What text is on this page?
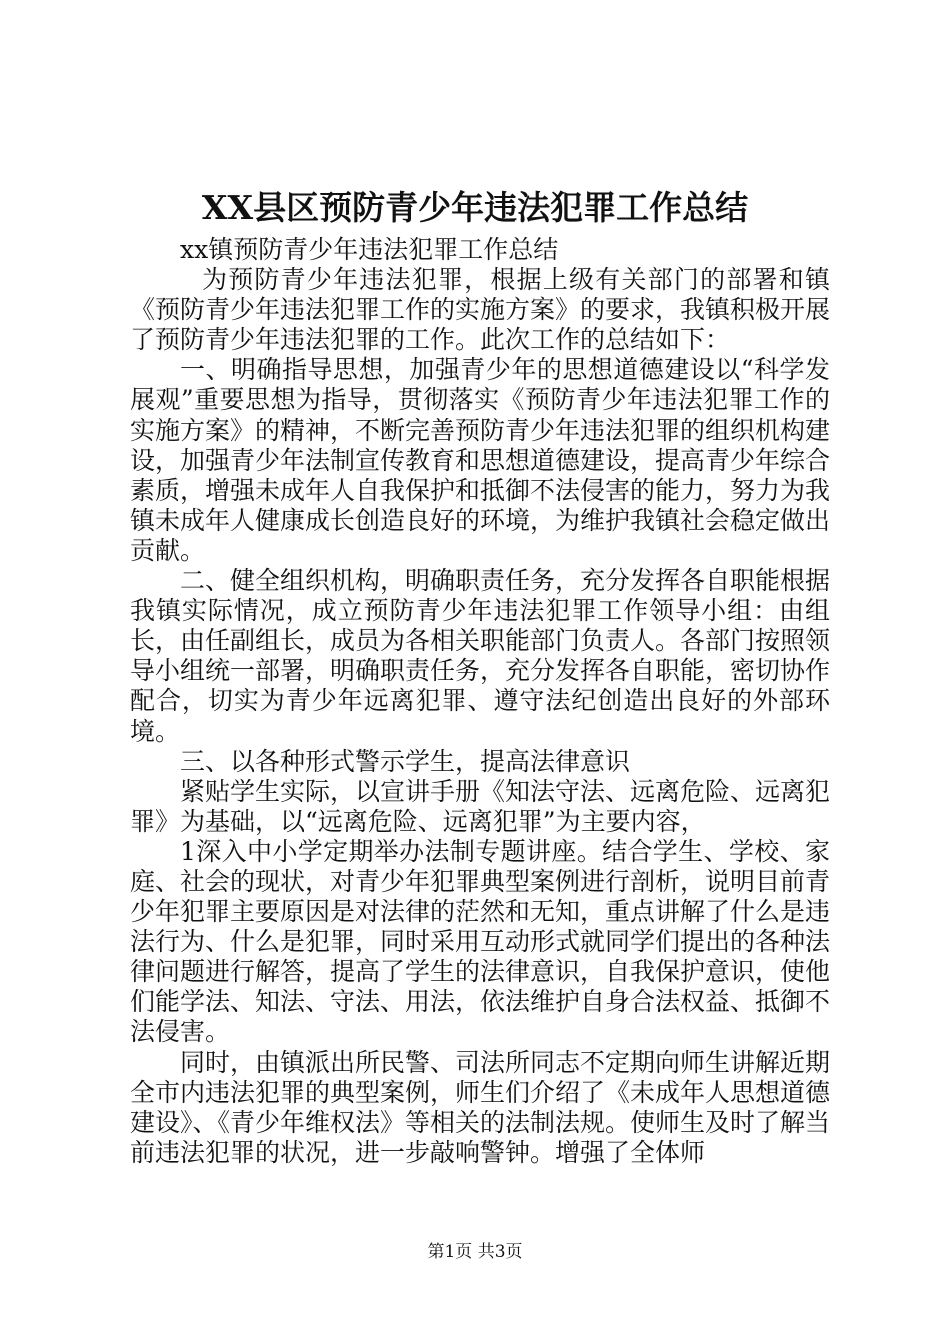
XX县区预防青少年违法犯罪工作总结

xx镇预防青少年违法犯罪工作总结

为预防青少年违法犯罪，根据上级有关部门的部署和镇《预防青少年违法犯罪工作的实施方案》的要求，我镇积极开展了预防青少年违法犯罪的工作。此次工作的总结如下：

一、明确指导思想，加强青少年的思想道德建设以“科学发展观”重要思想为指导，贯彻落实《预防青少年违法犯罪工作的实施方案》的精神，不断完善预防青少年违法犯罪的组织机构建设，加强青少年法制宣传教育和思想道德建设，提高青少年综合素质，增强未成年人自我保护和抵御不法侵害的能力，努力为我镇未成年人健康成长创造良好的环境，为维护我镇社会稳定做出贡献。

二、健全组织机构，明确职责任务，充分发挥各自职能根据我镇实际情况，成立预防青少年违法犯罪工作领导小组：由组长，由任副组长，成员为各相关职能部门负责人。各部门按照领导小组统一部署，明确职责任务，充分发挥各自职能，密切协作配合，切实为青少年远离犯罪、遵守法纪创造出良好的外部环境。

三、以各种形式警示学生，提高法律意识

紧贴学生实际，以宣讲手册《知法守法、远离危险、远离犯罪》为基础，以“远离危险、远离犯罪”为主要内容，

1深入中小学定期举办法制专题讲座。结合学生、学校、家庭、社会的现状，对青少年犯罪典型案例进行剖析，说明目前青少年犯罪主要原因是对法律的茫然和无知，重点讲解了什么是违法行为、什么是犯罪，同时采用互动形式就同学们提出的各种法律问题进行解答，提高了学生的法律意识，自我保护意识，使他们能学法、知法、守法、用法，依法维护自身合法权益、抵御不法侵害。

同时，由镇派出所民警、司法所同志不定期向师生讲解近期全市内违法犯罪的典型案例，师生们介绍了《未成年人思想道德建设》、《青少年维权法》等相关的法制法规。使师生及时了解当前违法犯罪的状况，进一步敲响警钟。增强了全体师

第1页 共3页
